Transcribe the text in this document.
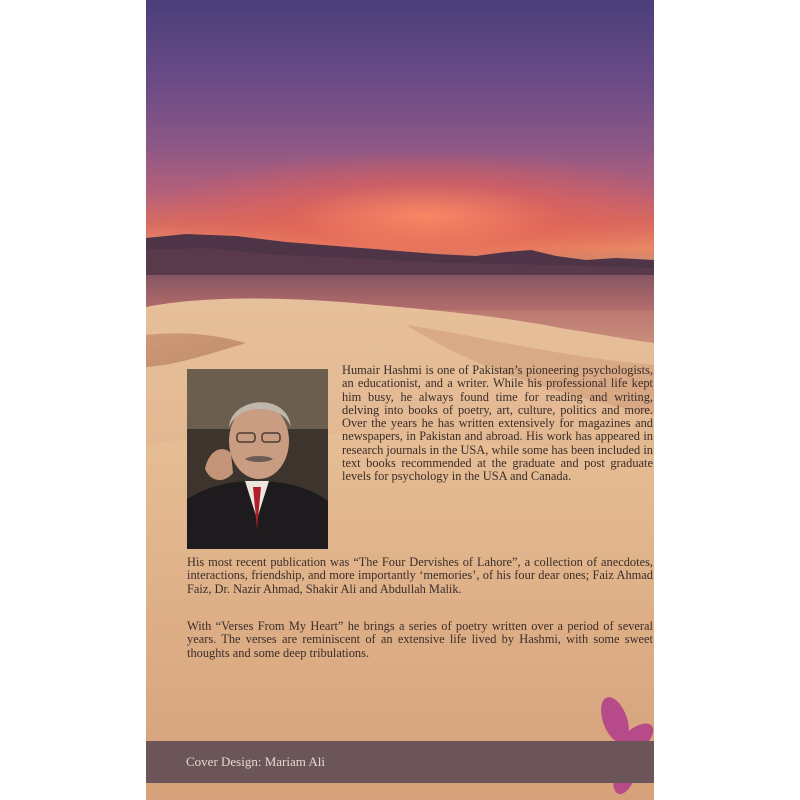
Humair Hashmi is one of Pakistan’s pioneering psychologists, an educationist, and a writer. While his professional life kept him busy, he always found time for reading and writing, delving into books of poetry, art, culture, politics and more. Over the years he has written extensively for magazines and newspapers, in Pakistan and abroad. His work has appeared in research journals in the USA, while some has been included in text books recommended at the graduate and post graduate levels for psychology in the USA and Canada.

His most recent publication was “The Four Dervishes of Lahore”, a collection of anecdotes, interactions, friendship, and more importantly ‘memories’, of his four dear ones; Faiz Ahmad Faiz, Dr. Nazir Ahmad, Shakir Ali and Abdullah Malik.

With “Verses From My Heart” he brings a series of poetry written over a period of several years. The verses are reminiscent of an extensive life lived by Hashmi, with some sweet thoughts and some deep tribulations.

Cover Design: Mariam Ali
